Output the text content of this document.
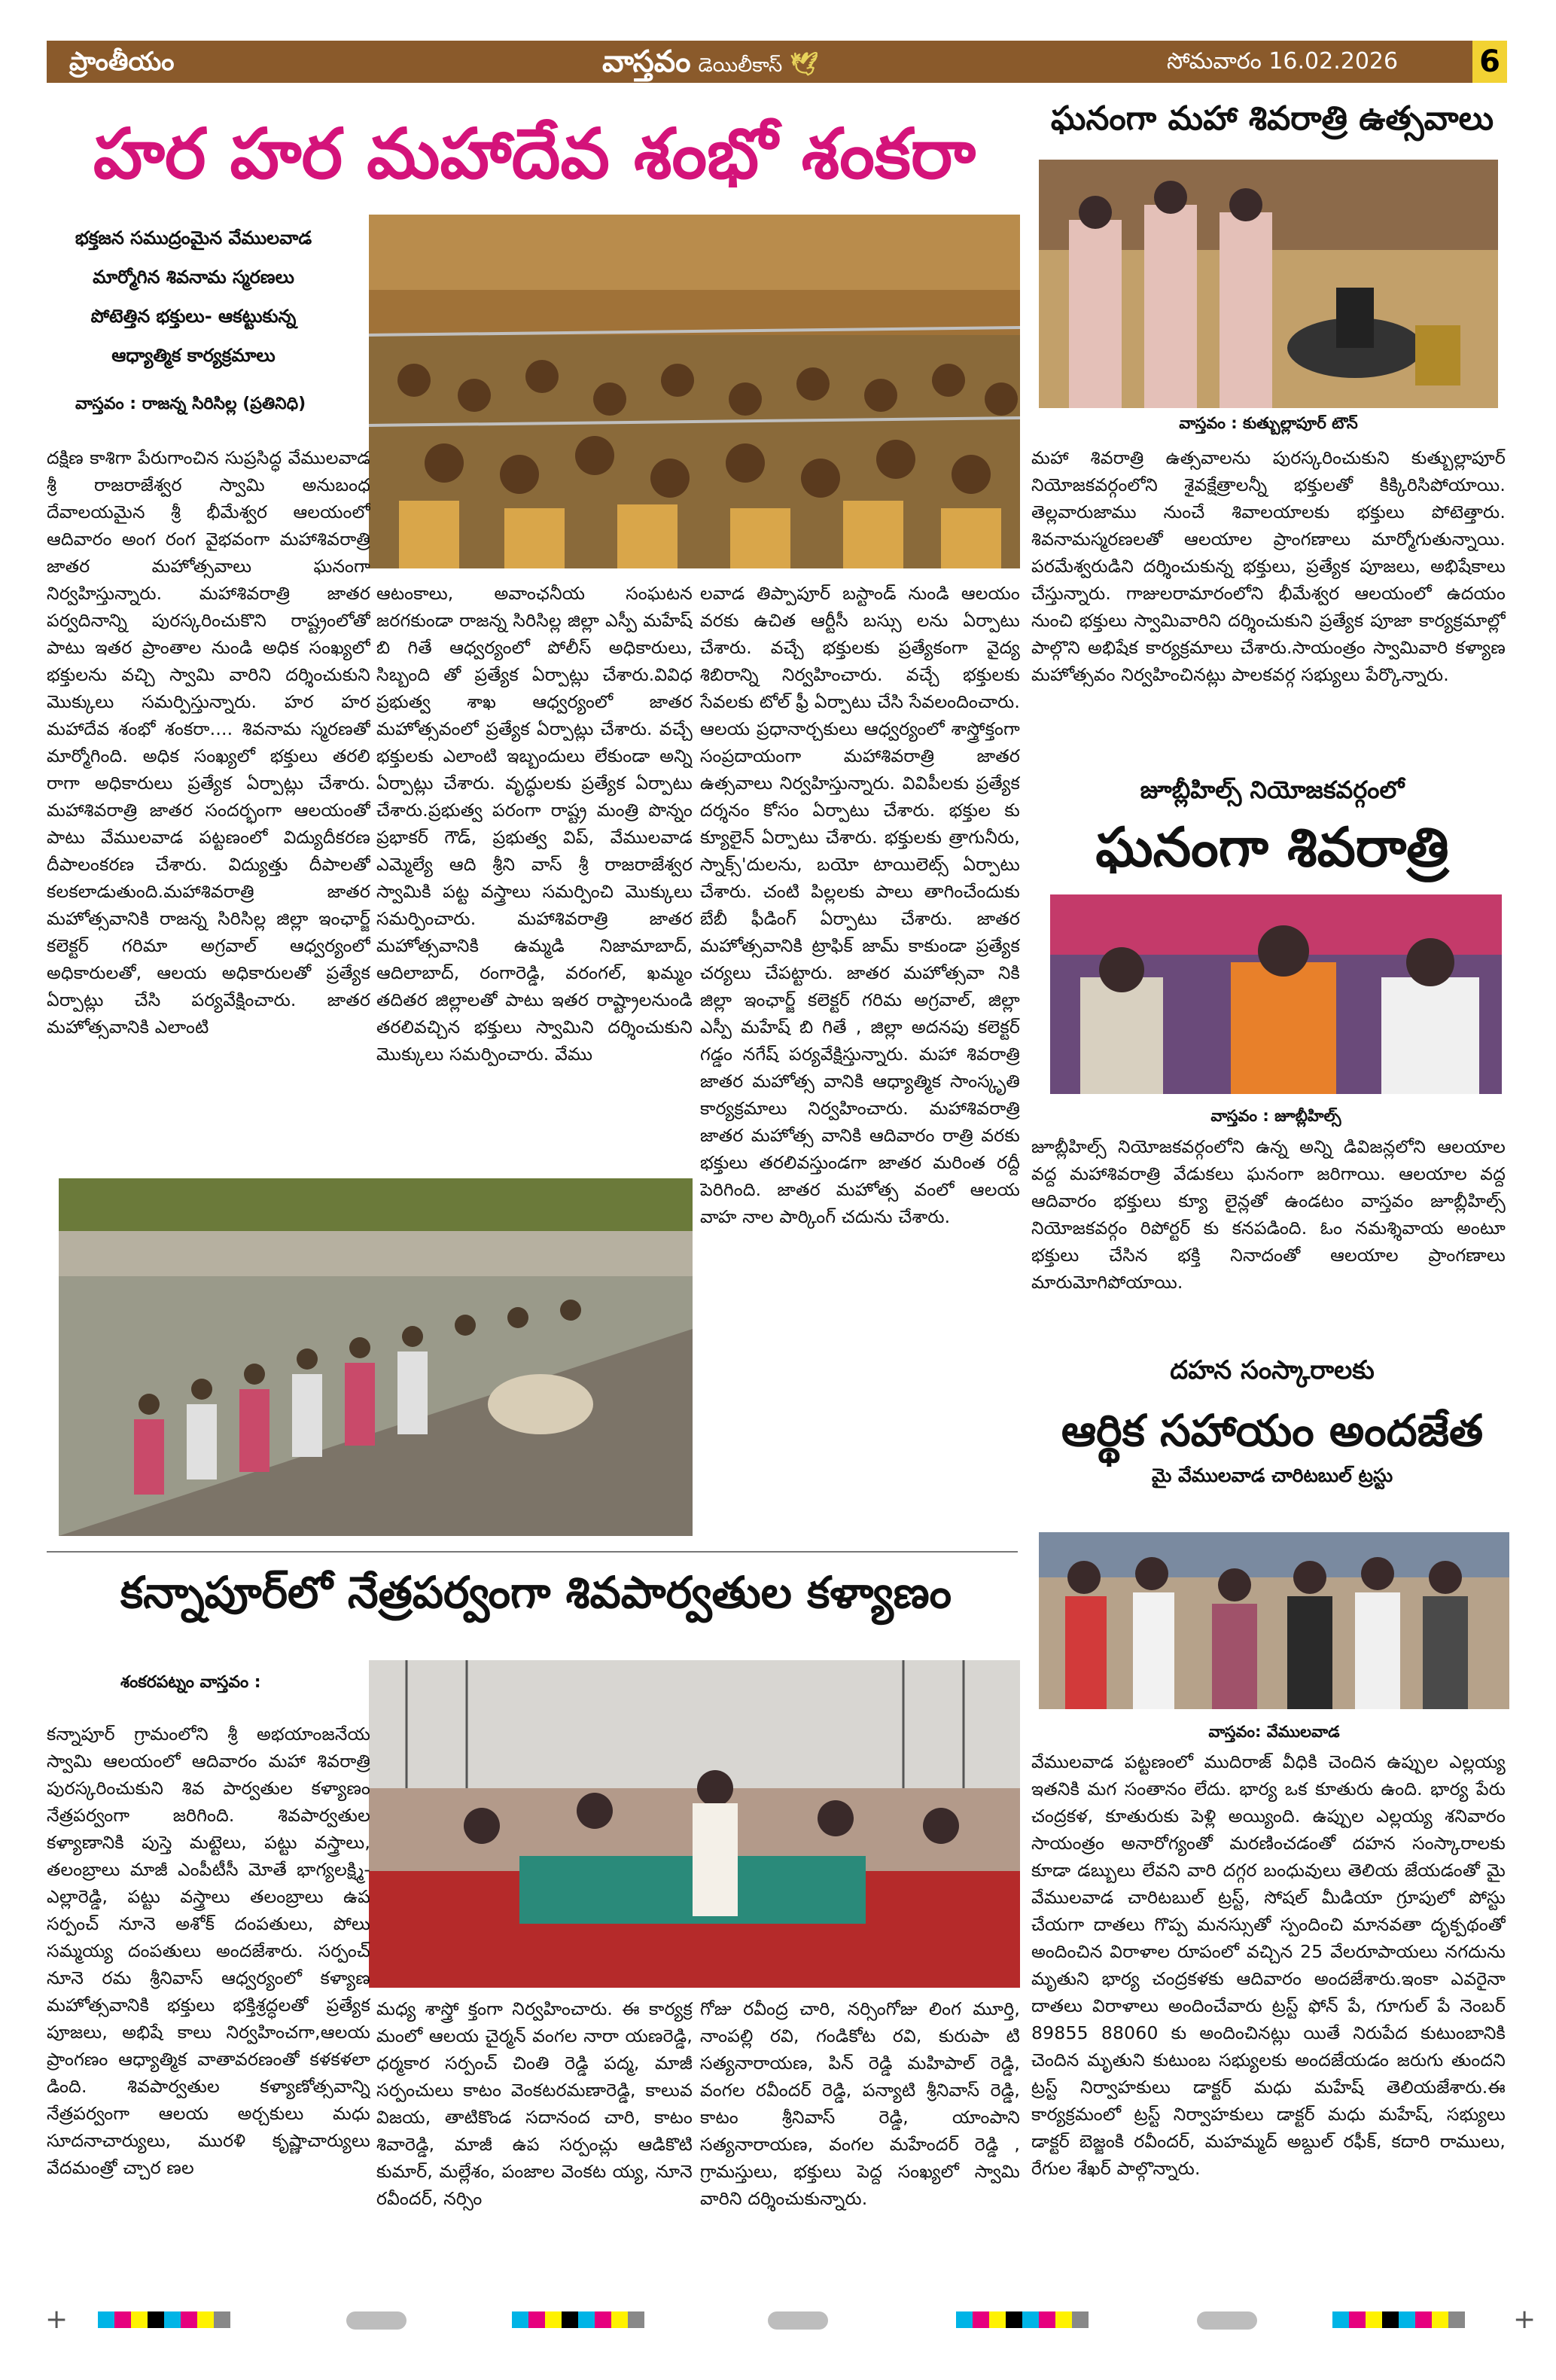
ప్రాంతీయం	వాస్తవం డెయిలీకాస్ 🕊	సోమవారం 16.02.2026	6
హర హర మహాదేవ శంభో శంకరా
భక్తజన సముద్రంమైన వేములవాడ
మార్మోగిన శివనామ స్మరణలు
పోటెత్తిన భక్తులు- ఆకట్టుకున్న
ఆధ్యాత్మిక కార్యక్రమాలు
వాస్తవం : రాజన్న సిరిసిల్ల (ప్రతినిధి)
దక్షిణ కాశిగా పేరుగాంచిన సుప్రసిద్ధ వేములవాడ శ్రీ రాజరాజేశ్వర స్వామి అనుబంధ దేవాలయమైన శ్రీ భీమేశ్వర ఆలయంలో ఆదివారం అంగ రంగ వైభవంగా మహాశివరాత్రి జాతర మహోత్సవాలు ఘనంగా నిర్వహిస్తున్నారు. మహాశివరాత్రి జాతర పర్వదినాన్ని పురస్కరించుకొని రాష్ట్రంలోతో పాటు ఇతర ప్రాంతాల నుండి అధిక సంఖ్యలో భక్తులను వచ్చి స్వామి వారిని దర్శించుకుని మొక్కులు సమర్పిస్తున్నారు. హర హర మహాదేవ శంభో శంకరా.... శివనామ స్మరణతో మార్మోగింది. అధిక సంఖ్యలో భక్తులు తరలి రాగా అధికారులు ప్రత్యేక ఏర్పాట్లు చేశారు. మహాశివరాత్రి జాతర సందర్భంగా ఆలయంతో పాటు వేములవాడ పట్టణంలో విద్యుదీకరణ దీపాలంకరణ చేశారు. విద్యుత్తు దీపాలతో కలకలాడుతుంది.మహాశివరాత్రి జాతర మహోత్సవానికి రాజన్న సిరిసిల్ల జిల్లా ఇంఛార్జ్ కలెక్టర్ గరిమా అగ్రవాల్ ఆధ్వర్యంలో అధికారులతో, ఆలయ అధికారులతో ప్రత్యేక ఏర్పాట్లు చేసి పర్యవేక్షించారు. జాతర మహోత్సవానికి ఎలాంటి
ఆటంకాలు, అవాంఛనీయ సంఘటన జరగకుండా రాజన్న సిరిసిల్ల జిల్లా ఎస్పీ మహేష్ బి గితే ఆధ్వర్యంలో పోలీస్ అధికారులు, సిబ్బంది తో ప్రత్యేక ఏర్పాట్లు చేశారు.వివిధ ప్రభుత్వ శాఖ ఆధ్వర్యంలో జాతర మహోత్సవంలో ప్రత్యేక ఏర్పాట్లు చేశారు. వచ్చే భక్తులకు ఎలాంటి ఇబ్బందులు లేకుండా అన్ని ఏర్పాట్లు చేశారు. వృద్ధులకు ప్రత్యేక ఏర్పాటు చేశారు.ప్రభుత్వ పరంగా రాష్ట్ర మంత్రి పొన్నం ప్రభాకర్ గౌడ్, ప్రభుత్వ విప్, వేములవాడ ఎమ్మెల్యే ఆది శ్రీని వాస్ శ్రీ రాజరాజేశ్వర స్వామికి పట్ట వస్త్రాలు సమర్పించి మొక్కులు సమర్పించారు. మహాశివరాత్రి జాతర మహోత్సవానికి ఉమ్మడి నిజామాబాద్, ఆదిలాబాద్, రంగారెడ్డి, వరంగల్, ఖమ్మం తదితర జిల్లాలతో పాటు ఇతర రాష్ట్రాలనుండి తరలివచ్చిన భక్తులు స్వామిని దర్శించుకుని మొక్కులు సమర్పించారు. వేము
లవాడ తిప్పాపూర్ బస్టాండ్ నుండి ఆలయం వరకు ఉచిత ఆర్టీసీ బస్సు లను ఏర్పాటు చేశారు. వచ్చే భక్తులకు ప్రత్యేకంగా వైద్య శిబిరాన్ని నిర్వహించారు. వచ్చే భక్తులకు సేవలకు టోల్ ఫ్రీ ఏర్పాటు చేసి సేవలందించారు. ఆలయ ప్రధానార్చకులు ఆధ్వర్యంలో శాస్త్రోక్తంగా సంప్రదాయంగా మహాశివరాత్రి జాతర ఉత్సవాలు నిర్వహిస్తున్నారు. వివిపీలకు ప్రత్యేక దర్శనం కోసం ఏర్పాటు చేశారు. భక్తుల కు క్యూలైన్ ఏర్పాటు చేశారు. భక్తులకు త్రాగునీరు, స్నాక్స్'దులను, బయో టాయిలెట్స్ ఏర్పాటు చేశారు. చంటి పిల్లలకు పాలు తాగించేందుకు బేబీ ఫీడింగ్ ఏర్పాటు చేశారు. జాతర మహోత్సవానికి ట్రాఫిక్ జామ్ కాకుండా ప్రత్యేక చర్యలు చేపట్టారు. జాతర మహోత్సవా నికి జిల్లా ఇంఛార్జ్ కలెక్టర్ గరిమ అగ్రవాల్, జిల్లా ఎస్పీ మహేష్ బి గితే , జిల్లా అదనపు కలెక్టర్ గడ్డం నగేష్ పర్యవేక్షిస్తున్నారు. మహా శివరాత్రి జాతర మహోత్స వానికి ఆధ్యాత్మిక సాంస్కృతి కార్యక్రమాలు నిర్వహించారు. మహాశివరాత్రి జాతర మహోత్స వానికి ఆదివారం రాత్రి వరకు భక్తులు తరలివస్తుండగా జాతర మరింత రద్దీ పెరిగింది. జాతర మహోత్స వంలో ఆలయ వాహ నాల పార్కింగ్ చదును చేశారు.
ఘనంగా మహా శివరాత్రి ఉత్సవాలు
వాస్తవం : కుత్బుల్లాపూర్ టౌన్
మహా శివరాత్రి ఉత్సవాలను పురస్కరించుకుని కుత్బుల్లాపూర్ నియోజకవర్గంలోని శైవక్షేత్రాలన్నీ భక్తులతో కిక్కిరిసిపోయాయి. తెల్లవారుజాము నుంచే శివాలయాలకు భక్తులు పోటెత్తారు. శివనామస్మరణలతో ఆలయాల ప్రాంగణాలు మార్మోగుతున్నాయి. పరమేశ్వరుడిని దర్శించుకున్న భక్తులు, ప్రత్యేక పూజలు, అభిషేకాలు చేస్తున్నారు. గాజులరామారంలోని భీమేశ్వర ఆలయంలో ఉదయం నుంచి భక్తులు స్వామివారిని దర్శించుకుని ప్రత్యేక పూజా కార్యక్రమాల్లో పాల్గొని అభిషేక కార్యక్రమాలు చేశారు.సాయంత్రం స్వామివారి కళ్యాణ మహోత్సవం నిర్వహించినట్లు పాలకవర్గ సభ్యులు పేర్కొన్నారు.
జూబ్లీహిల్స్ నియోజకవర్గంలో
ఘనంగా శివరాత్రి
వాస్తవం : జూబ్లీహిల్స్
జూబ్లీహిల్స్ నియోజకవర్గంలోని ఉన్న అన్ని డివిజన్లలోని ఆలయాల వద్ద మహాశివరాత్రి వేడుకలు ఘనంగా జరిగాయి. ఆలయాల వద్ద ఆదివారం భక్తులు క్యూ లైన్లతో ఉండటం వాస్తవం జూబ్లీహిల్స్ నియోజకవర్గం రిపోర్టర్ కు కనపడింది. ఓం నమశ్శివాయ అంటూ భక్తులు చేసిన భక్తి నినాదంతో ఆలయాల ప్రాంగణాలు మారుమోగిపోయాయి.
దహన సంస్కారాలకు
ఆర్థిక సహాయం అందజేత
మై వేములవాడ చారిటబుల్ ట్రస్టు
వాస్తవం: వేములవాడ
వేములవాడ పట్టణంలో ముదిరాజ్ వీధికి చెందిన ఉప్పుల ఎల్లయ్య ఇతనికి మగ సంతానం లేదు. భార్య ఒక కూతురు ఉంది. భార్య పేరు చంద్రకళ, కూతురుకు పెళ్లి అయ్యింది. ఉప్పుల ఎల్లయ్య శనివారం సాయంత్రం అనారోగ్యంతో మరణించడంతో దహన సంస్కారాలకు కూడా డబ్బులు లేవని వారి దగ్గర బంధువులు తెలియ జేయడంతో మై వేములవాడ చారిటబుల్ ట్రస్ట్, సోషల్ మీడియా గ్రూపులో పోస్టు చేయగా దాతలు గొప్ప మనస్సుతో స్పందించి మానవతా దృక్పథంతో అందించిన విరాళాల రూపంలో వచ్చిన 25 వేలరూపాయలు నగదును మృతుని భార్య చంద్రకళకు ఆదివారం అందజేశారు.ఇంకా ఎవరైనా దాతలు విరాళాలు అందించేవారు ట్రస్ట్ ఫోన్ పే, గూగుల్ పే నెంబర్ 89855 88060 కు అందించినట్లు యితే నిరుపేద కుటుంబానికి చెందిన మృతుని కుటుంబ సభ్యులకు అందజేయడం జరుగు తుందని ట్రస్ట్ నిర్వాహకులు డాక్టర్ మధు మహేష్ తెలియజేశారు.ఈ కార్యక్రమంలో ట్రస్ట్ నిర్వాహకులు డాక్టర్ మధు మహేష్, సభ్యులు డాక్టర్ బెజ్జంకి రవీందర్, మహమ్మద్ అబ్దుల్ రఫీక్, కదారి రాములు, రేగుల శేఖర్ పాల్గొన్నారు.
కన్నాపూర్‌లో నేత్రపర్వంగా శివపార్వతుల కళ్యాణం
శంకరపట్నం వాస్తవం :
కన్నాపూర్ గ్రామంలోని శ్రీ అభయాంజనేయ స్వామి ఆలయంలో ఆదివారం మహా శివరాత్రి పురస్కరించుకుని శివ పార్వతుల కళ్యాణం నేత్రపర్వంగా జరిగింది. శివపార్వతుల కళ్యాణానికి పుస్తె మట్టెలు, పట్టు వస్త్రాలు, తలంబ్రాలు మాజీ ఎంపీటీసీ మోతే భాగ్యలక్ష్మి-ఎల్లారెడ్డి, పట్టు వస్త్రాలు తలంబ్రాలు ఉప సర్పంచ్ నూనె అశోక్ దంపతులు, పోలు సమ్మయ్య దంపతులు అందజేశారు. సర్పంచ్ నూనె రమ శ్రీనివాస్ ఆధ్వర్యంలో కళ్యాణ మహోత్సవానికి భక్తులు భక్తిశ్రద్ధలతో ప్రత్యేక పూజలు, అభిషే కాలు నిర్వహించగా,ఆలయ ప్రాంగణం ఆధ్యాత్మిక వాతావరణంతో కళకళలా డింది. శివపార్వతుల కళ్యాణోత్సవాన్ని నేత్రపర్వంగా ఆలయ అర్చకులు మధు సూదనాచార్యులు, మురళి కృష్ణాచార్యులు వేదమంత్రో చ్చార ణల
మధ్య శాస్త్రో క్తంగా నిర్వహించారు. ఈ కార్యక్ర మంలో ఆలయ చైర్మన్ వంగల నారా యణరెడ్డి, ధర్మకార సర్పంచ్ చింతి రెడ్డి పద్మ, మాజీ సర్పంచులు కాటం వెంకటరమణారెడ్డి, కాలువ విజయ, తాటికొండ సదానంద చారి, కాటం శివారెడ్డి, మాజీ ఉప సర్పంచ్లు ఆడికొటి కుమార్, మల్లేశం, పంజాల వెంకట య్య, నూనె రవీందర్, నర్సిం
గోజు రవీంద్ర చారి, నర్సింగోజు లింగ మూర్తి, నాంపల్లి రవి, గండికోట రవి, కురుపా టి సత్యనారాయణ, పిన్ రెడ్డి మహిపాల్ రెడ్డి, వంగల రవీందర్ రెడ్డి, పన్యాటి శ్రీనివాస్ రెడ్డి, కాటం శ్రీనివాస్ రెడ్డి, యాంపాని సత్యనారాయణ, వంగల మహేందర్ రెడ్డి , గ్రామస్తులు, భక్తులు పెద్ద సంఖ్యలో స్వామి వారిని దర్శించుకున్నారు.
+	+
